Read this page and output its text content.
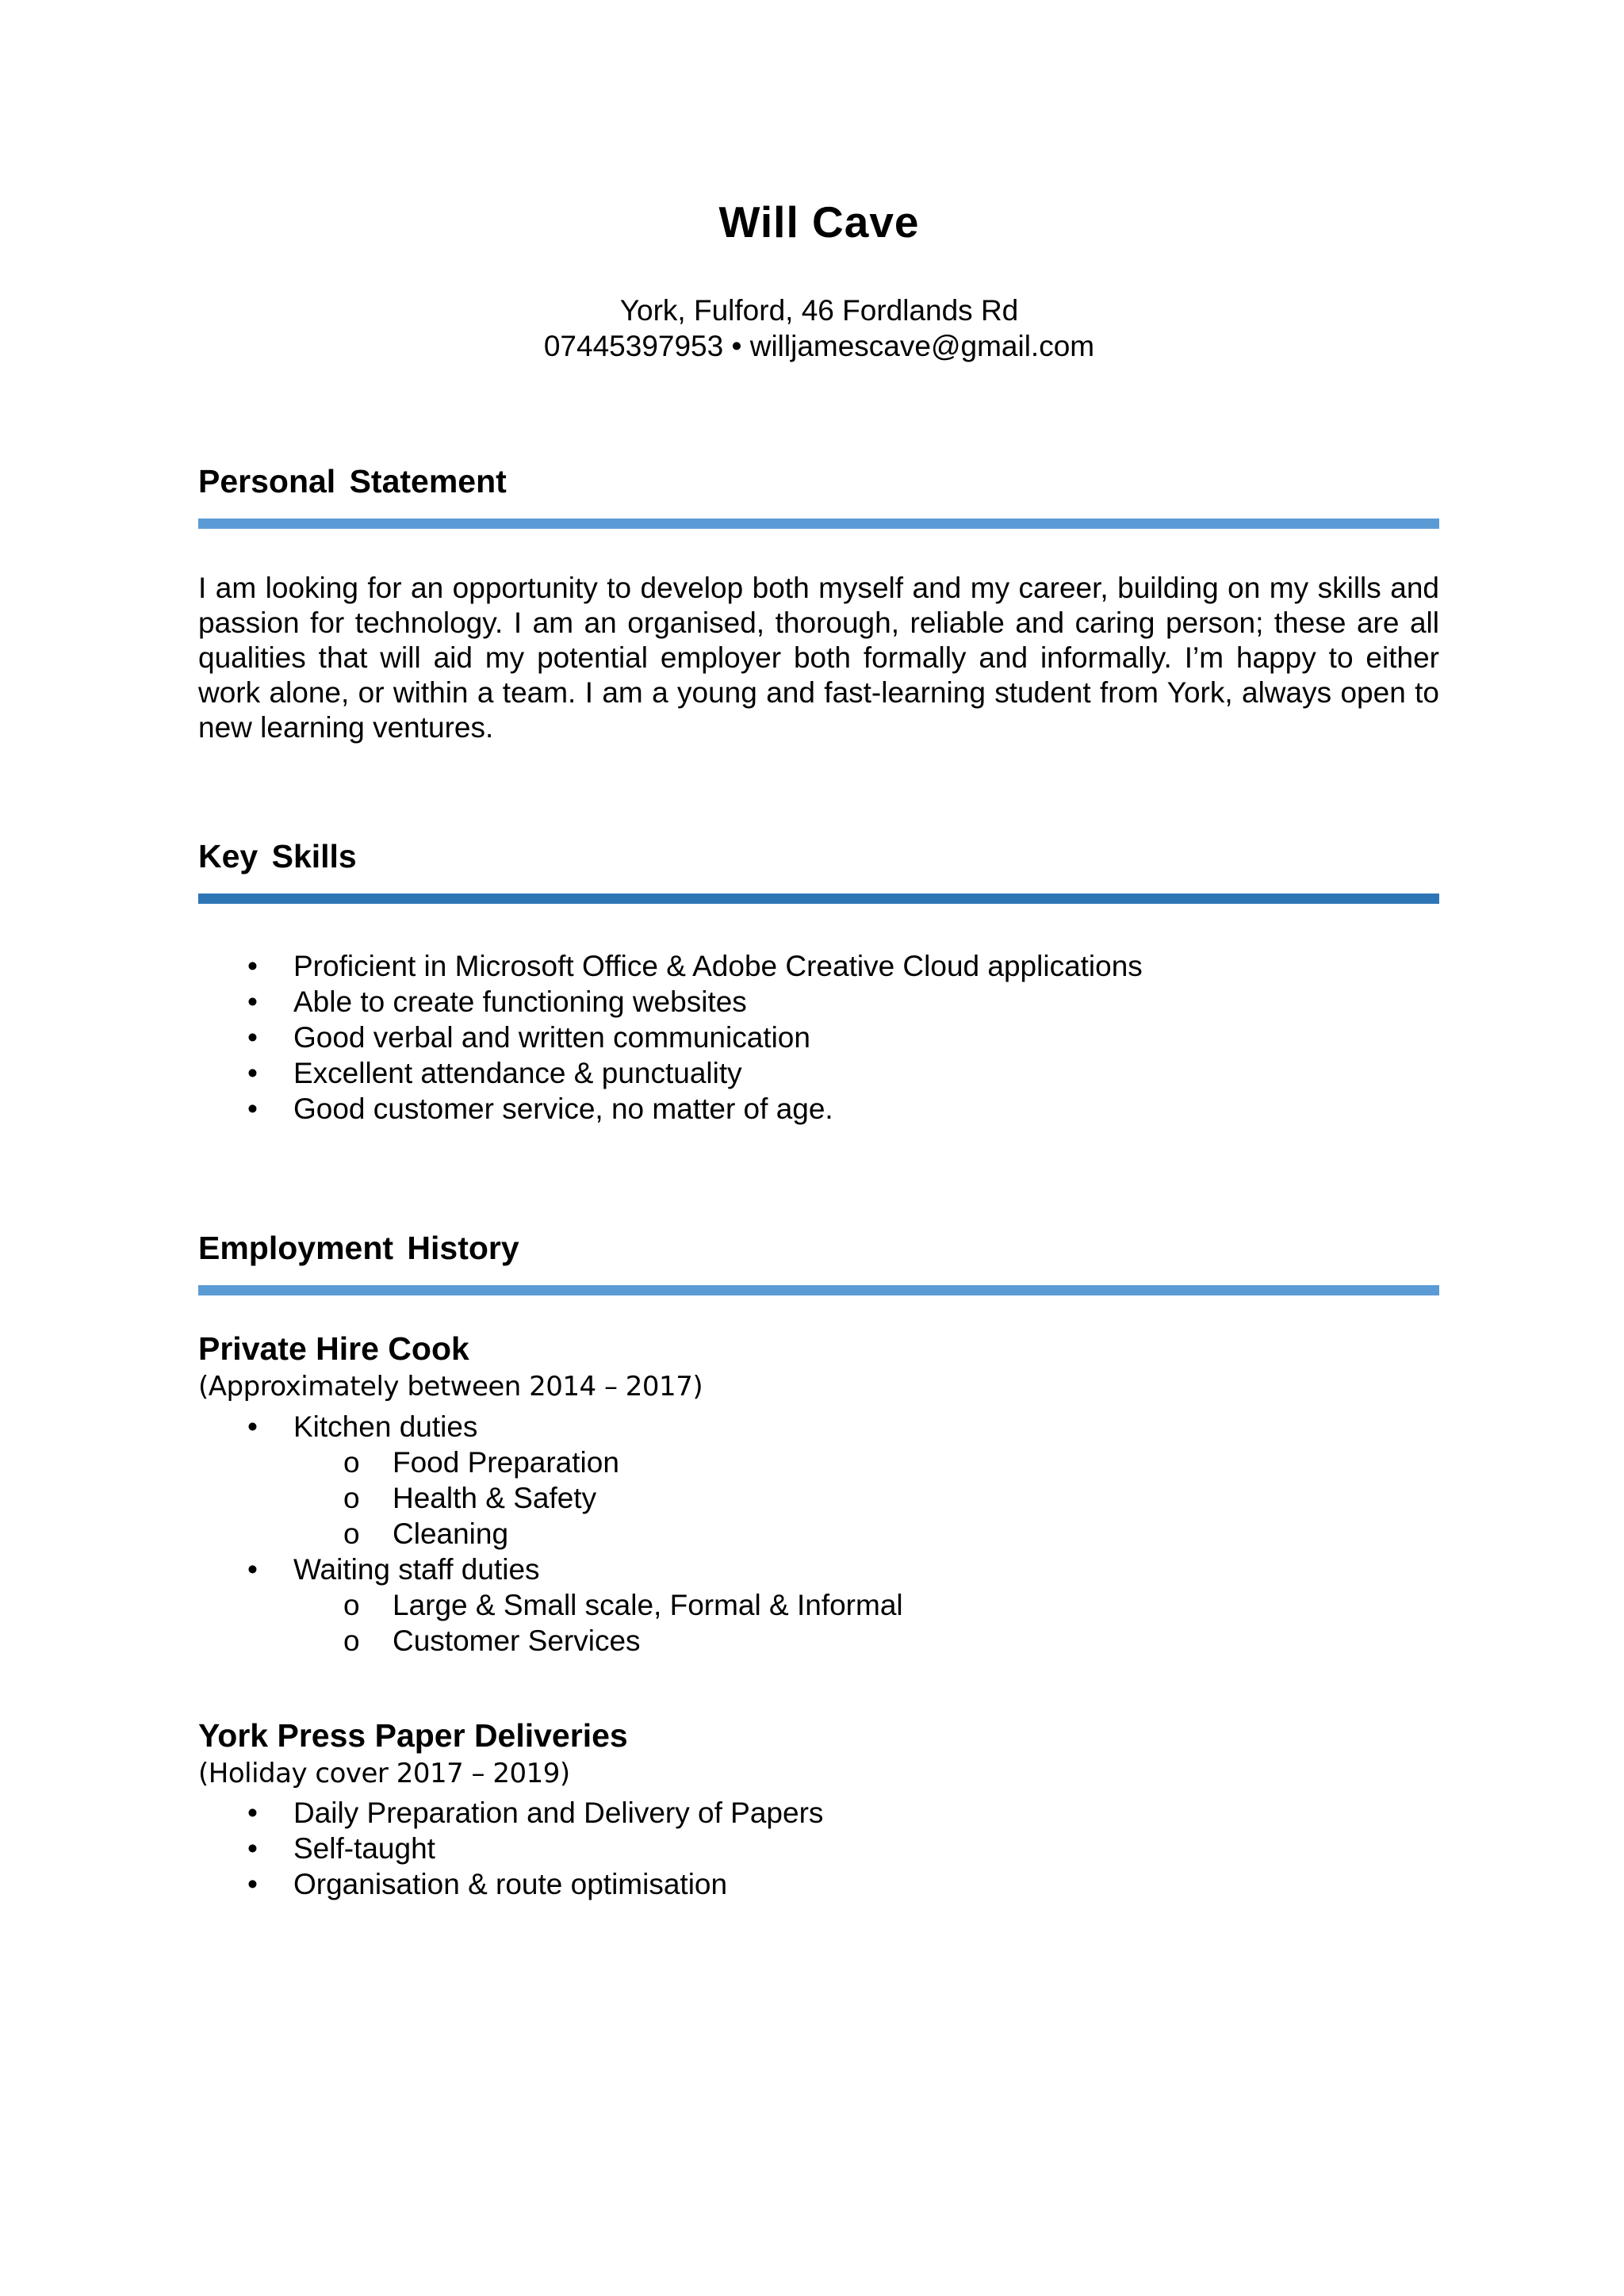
Will Cave
York, Fulford, 46 Fordlands Rd
07445397953 • willjamescave@gmail.com
Personal Statement

I am looking for an opportunity to develop both myself and my career, building on my skills and passion for technology. I am an organised, thorough, reliable and caring person; these are all qualities that will aid my potential employer both formally and informally. I’m happy to either work alone, or within a team. I am a young and fast-learning student from York, always open to new learning ventures.

Key Skills
• Proficient in Microsoft Office & Adobe Creative Cloud applications
• Able to create functioning websites
• Good verbal and written communication
• Excellent attendance & punctuality
• Good customer service, no matter of age.
Employment History
Private Hire Cook
(Approximately between 2014 – 2017)
• Kitchen duties
o Food Preparation
o Health & Safety
o Cleaning
• Waiting staff duties
o Large & Small scale, Formal & Informal
o Customer Services
York Press Paper Deliveries
(Holiday cover 2017 – 2019)
• Daily Preparation and Delivery of Papers
• Self-taught
• Organisation & route optimisation
